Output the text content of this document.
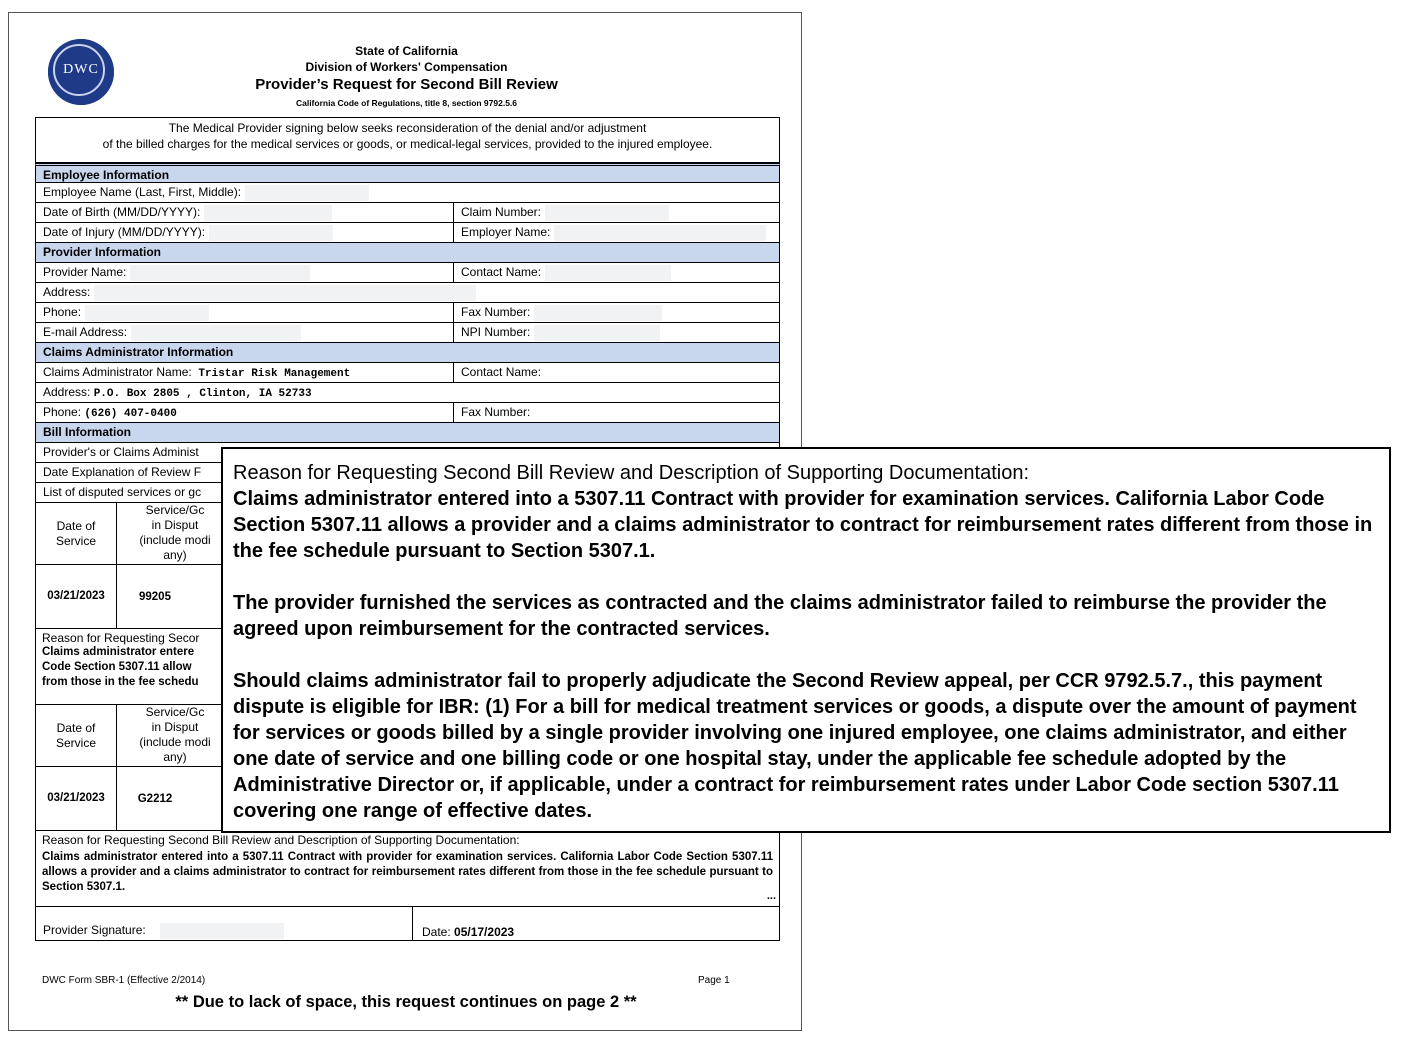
DWC
State of California
Division of Workers' Compensation
Provider’s Request for Second Bill Review
California Code of Regulations, title 8, section 9792.5.6
The Medical Provider signing below seeks reconsideration of the denial and/or adjustment
of the billed charges for the medical services or goods, or medical-legal services, provided to the injured employee.
Employee Information
Employee Name (Last, First, Middle):
Date of Birth (MM/DD/YYYY):	Claim Number:
Date of Injury (MM/DD/YYYY):	Employer Name:
Provider Information
Provider Name:	Contact Name:
Address:
Phone:	Fax Number:
E-mail Address:	NPI Number:
Claims Administrator Information
Claims Administrator Name: Tristar Risk Management	Contact Name:
Address: P.O. Box 2805 , Clinton, IA 52733
Phone: (626) 407-0400	Fax Number:
Bill Information
Provider's or Claims Administ
Date Explanation of Review F
List of disputed services or gc
Date of Service
Service/Gc
in Disput
(include modi
any)
03/21/2023	99205
Reason for Requesting Secor
Claims administrator entere
Code Section 5307.11 allow
from those in the fee schedu
Date of Service
Service/Gc
in Disput
(include modi
any)
03/21/2023	G2212
Reason for Requesting Second Bill Review and Description of Supporting Documentation:
Claims administrator entered into a 5307.11 Contract with provider for examination services. California Labor Code Section 5307.11 allows a provider and a claims administrator to contract for reimbursement rates different from those in the fee schedule pursuant to Section 5307.1.
...
Provider Signature:	Date: 05/17/2023
DWC Form SBR-1 (Effective 2/2014)	Page 1
** Due to lack of space, this request continues on page 2 **
Reason for Requesting Second Bill Review and Description of Supporting Documentation:

Claims administrator entered into a 5307.11 Contract with provider for examination services. California Labor Code Section 5307.11 allows a provider and a claims administrator to contract for reimbursement rates different from those in the fee schedule pursuant to Section 5307.1.

The provider furnished the services as contracted and the claims administrator failed to reimburse the provider the agreed upon reimbursement for the contracted services.

Should claims administrator fail to properly adjudicate the Second Review appeal, per CCR 9792.5.7., this payment dispute is eligible for IBR: (1) For a bill for medical treatment services or goods, a dispute over the amount of payment for services or goods billed by a single provider involving one injured employee, one claims administrator, and either one date of service and one billing code or one hospital stay, under the applicable fee schedule adopted by the Administrative Director or, if applicable, under a contract for reimbursement rates under Labor Code section 5307.11 covering one range of effective dates.
